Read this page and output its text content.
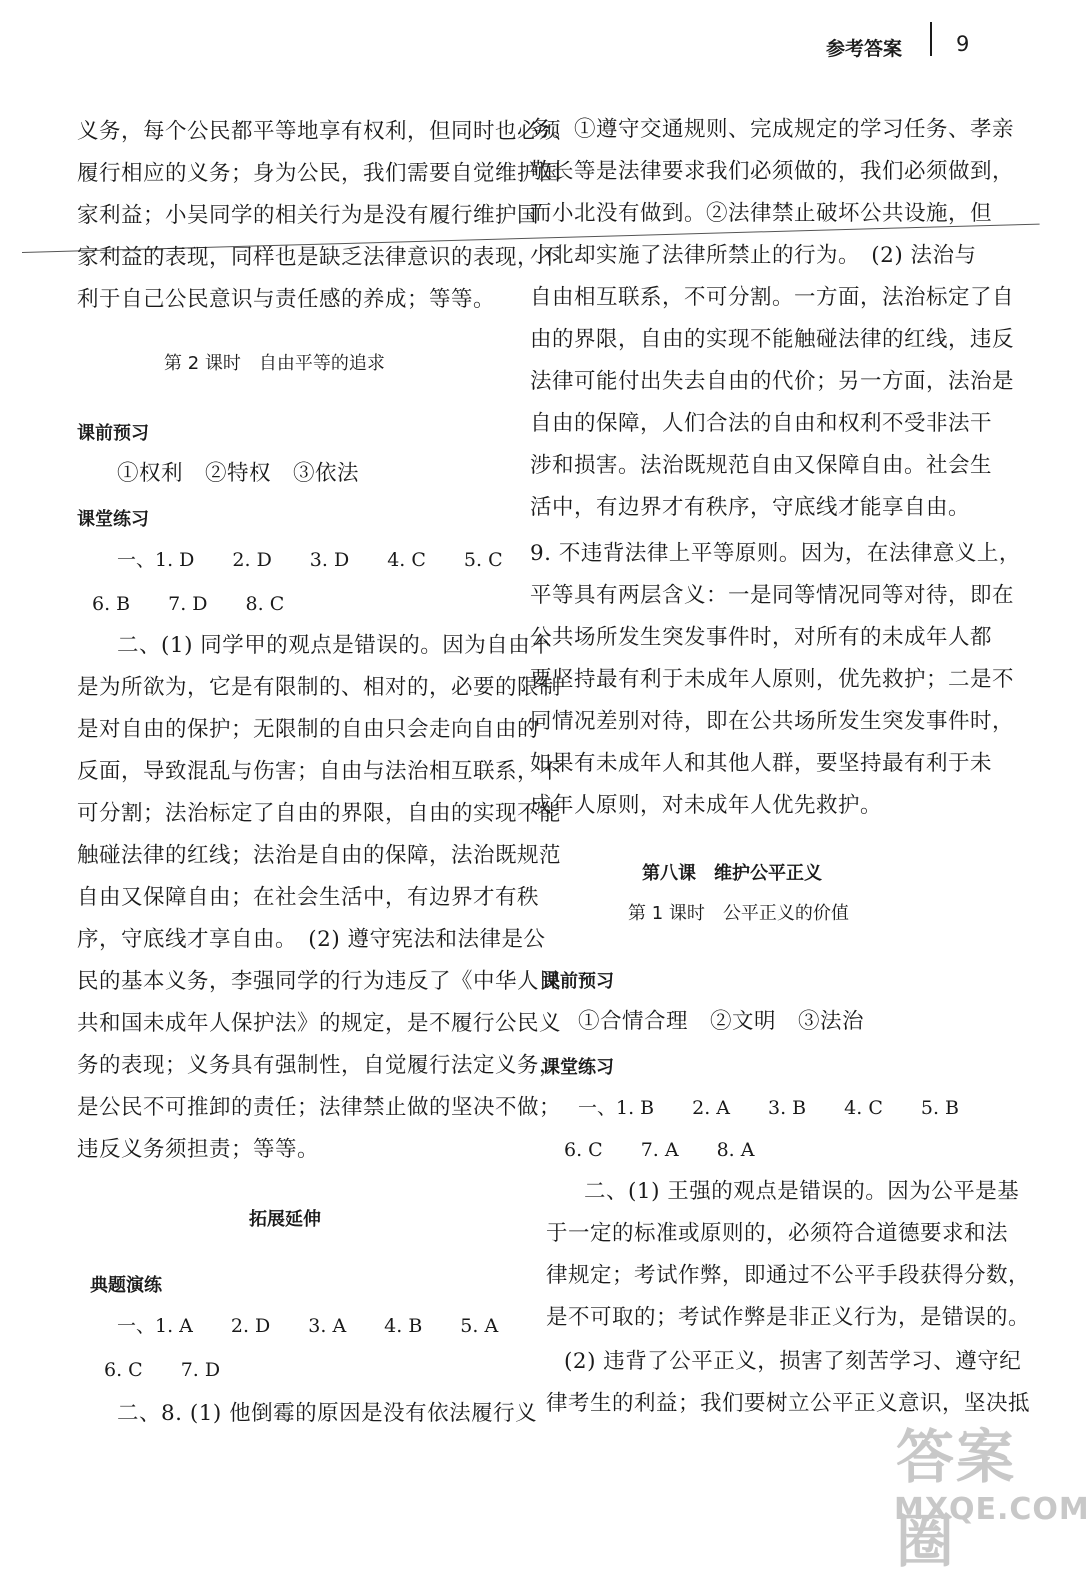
参考答案	9
义务，每个公民都平等地享有权利，但同时也必须
履行相应的义务；身为公民，我们需要自觉维护国
家利益；小吴同学的相关行为是没有履行维护国
家利益的表现，同样也是缺乏法律意识的表现，不
利于自己公民意识与责任感的养成；等等。
第 2 课时　自由平等的追求
课前预习
①权利　②特权　③依法
课堂练习
一、1. D　　2. D　　3. D　　4. C　　5. C
6. B　　7. D　　8. C
二、(1) 同学甲的观点是错误的。因为自由不
是为所欲为，它是有限制的、相对的，必要的限制
是对自由的保护；无限制的自由只会走向自由的
反面，导致混乱与伤害；自由与法治相互联系，不
可分割；法治标定了自由的界限，自由的实现不能
触碰法律的红线；法治是自由的保障，法治既规范
自由又保障自由；在社会生活中，有边界才有秩
序，守底线才享自由。　(2) 遵守宪法和法律是公
民的基本义务，李强同学的行为违反了《中华人民
共和国未成年人保护法》的规定，是不履行公民义
务的表现；义务具有强制性，自觉履行法定义务，
是公民不可推卸的责任；法律禁止做的坚决不做；
违反义务须担责；等等。
拓展延伸
典题演练
一、1. A　　2. D　　3. A　　4. B　　5. A
6. C　　7. D
二、8. (1) 他倒霉的原因是没有依法履行义
务。①遵守交通规则、完成规定的学习任务、孝亲
敬长等是法律要求我们必须做的，我们必须做到，
而小北没有做到。②法律禁止破坏公共设施，但
小北却实施了法律所禁止的行为。　(2) 法治与
自由相互联系，不可分割。一方面，法治标定了自
由的界限，自由的实现不能触碰法律的红线，违反
法律可能付出失去自由的代价；另一方面，法治是
自由的保障，人们合法的自由和权利不受非法干
涉和损害。法治既规范自由又保障自由。社会生
活中，有边界才有秩序，守底线才能享自由。
9. 不违背法律上平等原则。因为，在法律意义上，
平等具有两层含义：一是同等情况同等对待，即在
公共场所发生突发事件时，对所有的未成年人都
要坚持最有利于未成年人原则，优先救护；二是不
同情况差别对待，即在公共场所发生突发事件时，
如果有未成年人和其他人群，要坚持最有利于未
成年人原则，对未成年人优先救护。
第八课　维护公平正义
第 1 课时　公平正义的价值
课前预习
①合情合理　②文明　③法治
课堂练习
一、1. B　　2. A　　3. B　　4. C　　5. B
6. C　　7. A　　8. A
二、(1) 王强的观点是错误的。因为公平是基
于一定的标准或原则的，必须符合道德要求和法
律规定；考试作弊，即通过不公平手段获得分数，
是不可取的；考试作弊是非正义行为，是错误的。
(2) 违背了公平正义，损害了刻苦学习、遵守纪
律考生的利益；我们要树立公平正义意识，坚决抵
答案圈
MXQE.COM
